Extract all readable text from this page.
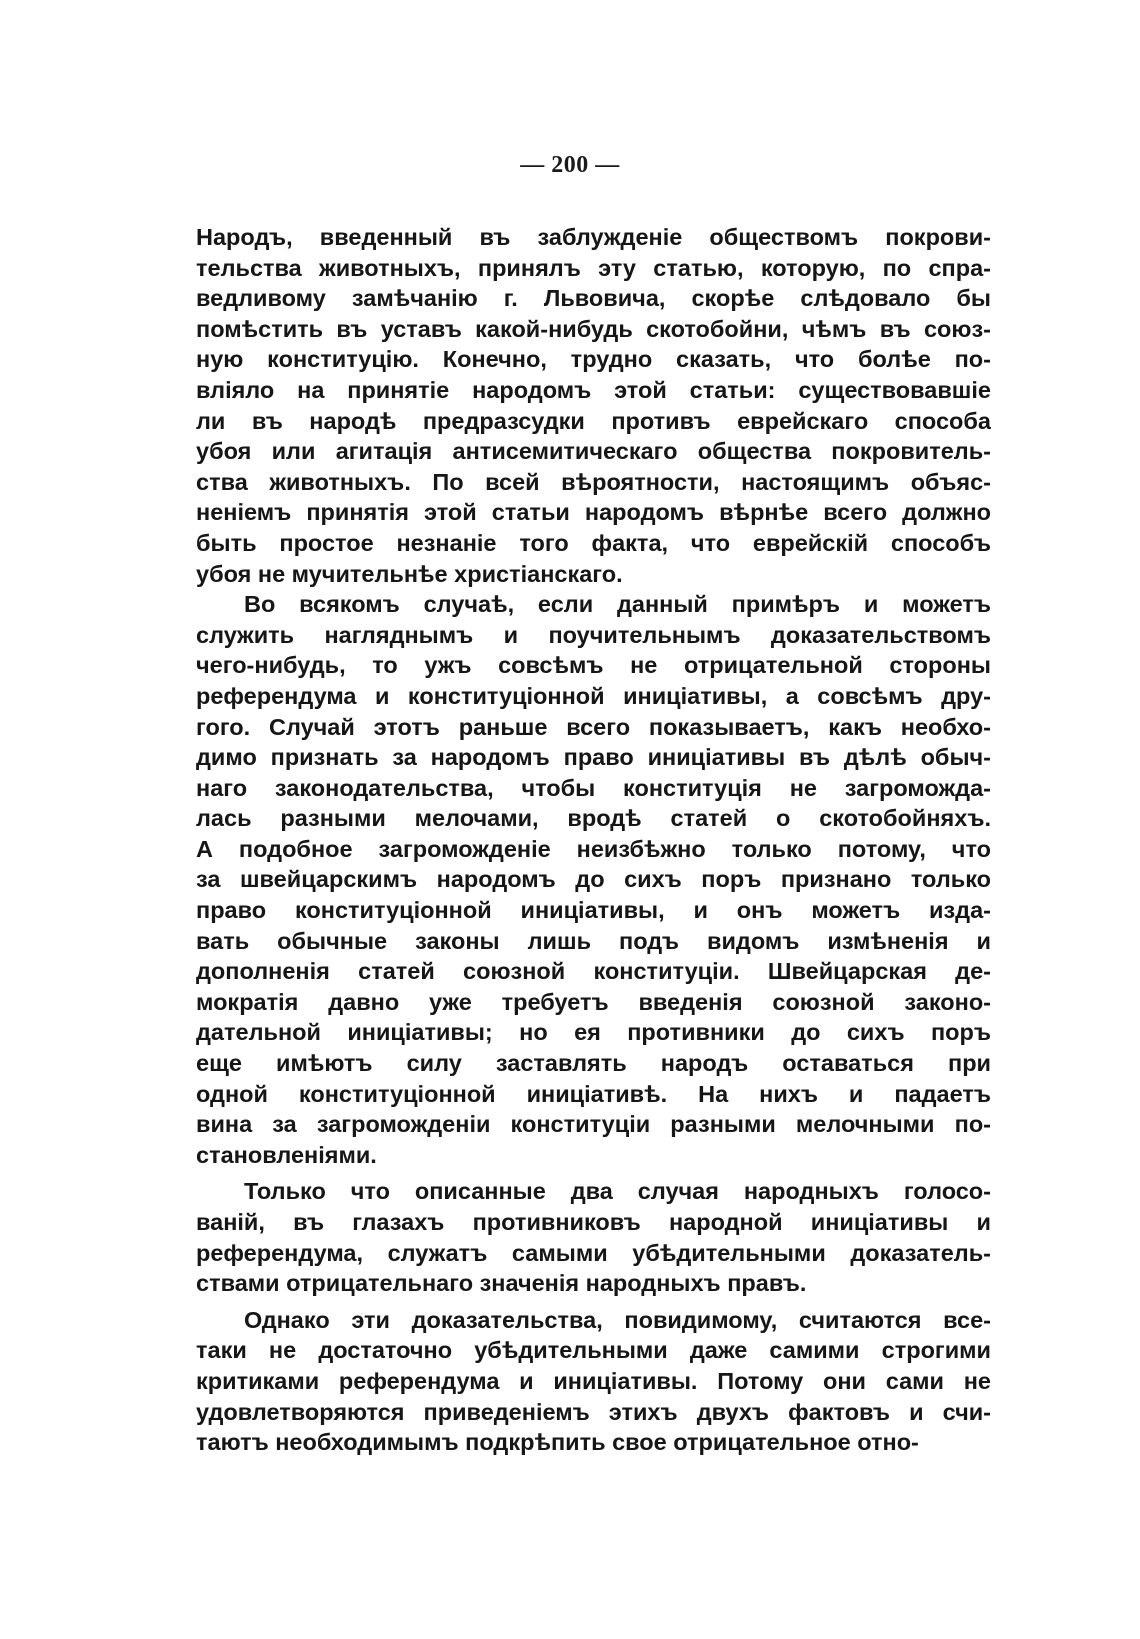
— 200 —
Народъ, введенный въ заблужденіе обществомъ покрови-
тельства животныхъ, принялъ эту статью, которую, по спра-
ведливому замѣчанію г. Львовича, скорѣе слѣдовало бы
помѣстить въ уставъ какой-нибудь скотобойни, чѣмъ въ союз-
ную конституцію. Конечно, трудно сказать, что болѣе по-
вліяло на принятіе народомъ этой статьи: существовавшіе
ли въ народѣ предразсудки противъ еврейскаго способа
убоя или агитація антисемитическаго общества покровитель-
ства животныхъ. По всей вѣроятности, настоящимъ объяс-
неніемъ принятія этой статьи народомъ вѣрнѣе всего должно
быть простое незнаніе того факта, что еврейскій способъ
убоя не мучительнѣе христіанскаго.
Во всякомъ случаѣ, если данный примѣръ и можетъ
служить нагляднымъ и поучительнымъ доказательствомъ
чего-нибудь, то ужъ совсѣмъ не отрицательной стороны
референдума и конституціонной иниціативы, а совсѣмъ дру-
гого. Случай этотъ раньше всего показываетъ, какъ необхо-
димо признать за народомъ право иниціативы въ дѣлѣ обыч-
наго законодательства, чтобы конституція не загромождa-
лась разными мелочами, вродѣ статей о скотобойняхъ.
А подобное загроможденіе неизбѣжно только потому, что
за швейцарскимъ народомъ до сихъ поръ признано только
право конституціонной иниціативы, и онъ можетъ изда-
вать обычные законы лишь подъ видомъ измѣненія и
дополненія статей союзной конституціи. Швейцарская де-
мократія давно уже требуетъ введенія союзной законо-
дательной иниціативы; но ея противники до сихъ поръ
еще имѣютъ силу заставлять народъ оставаться при
одной конституціонной иниціативѣ. На нихъ и падаетъ
вина за загроможденіи конституціи разными мелочными по-
становленіями.
Только что описанные два случая народныхъ голосо-
ваній, въ глазахъ противниковъ народной иниціативы и
референдума, служатъ самыми убѣдительными доказатель-
ствами отрицательнаго значенія народныхъ правъ.
Однако эти доказательства, повидимому, считаются все-
таки не достаточно убѣдительными даже самими строгими
критиками референдума и иниціативы. Потому они сами не
удовлетворяются приведеніемъ этихъ двухъ фактовъ и счи-
таютъ необходимымъ подкрѣпить свое отрицательное отно-
